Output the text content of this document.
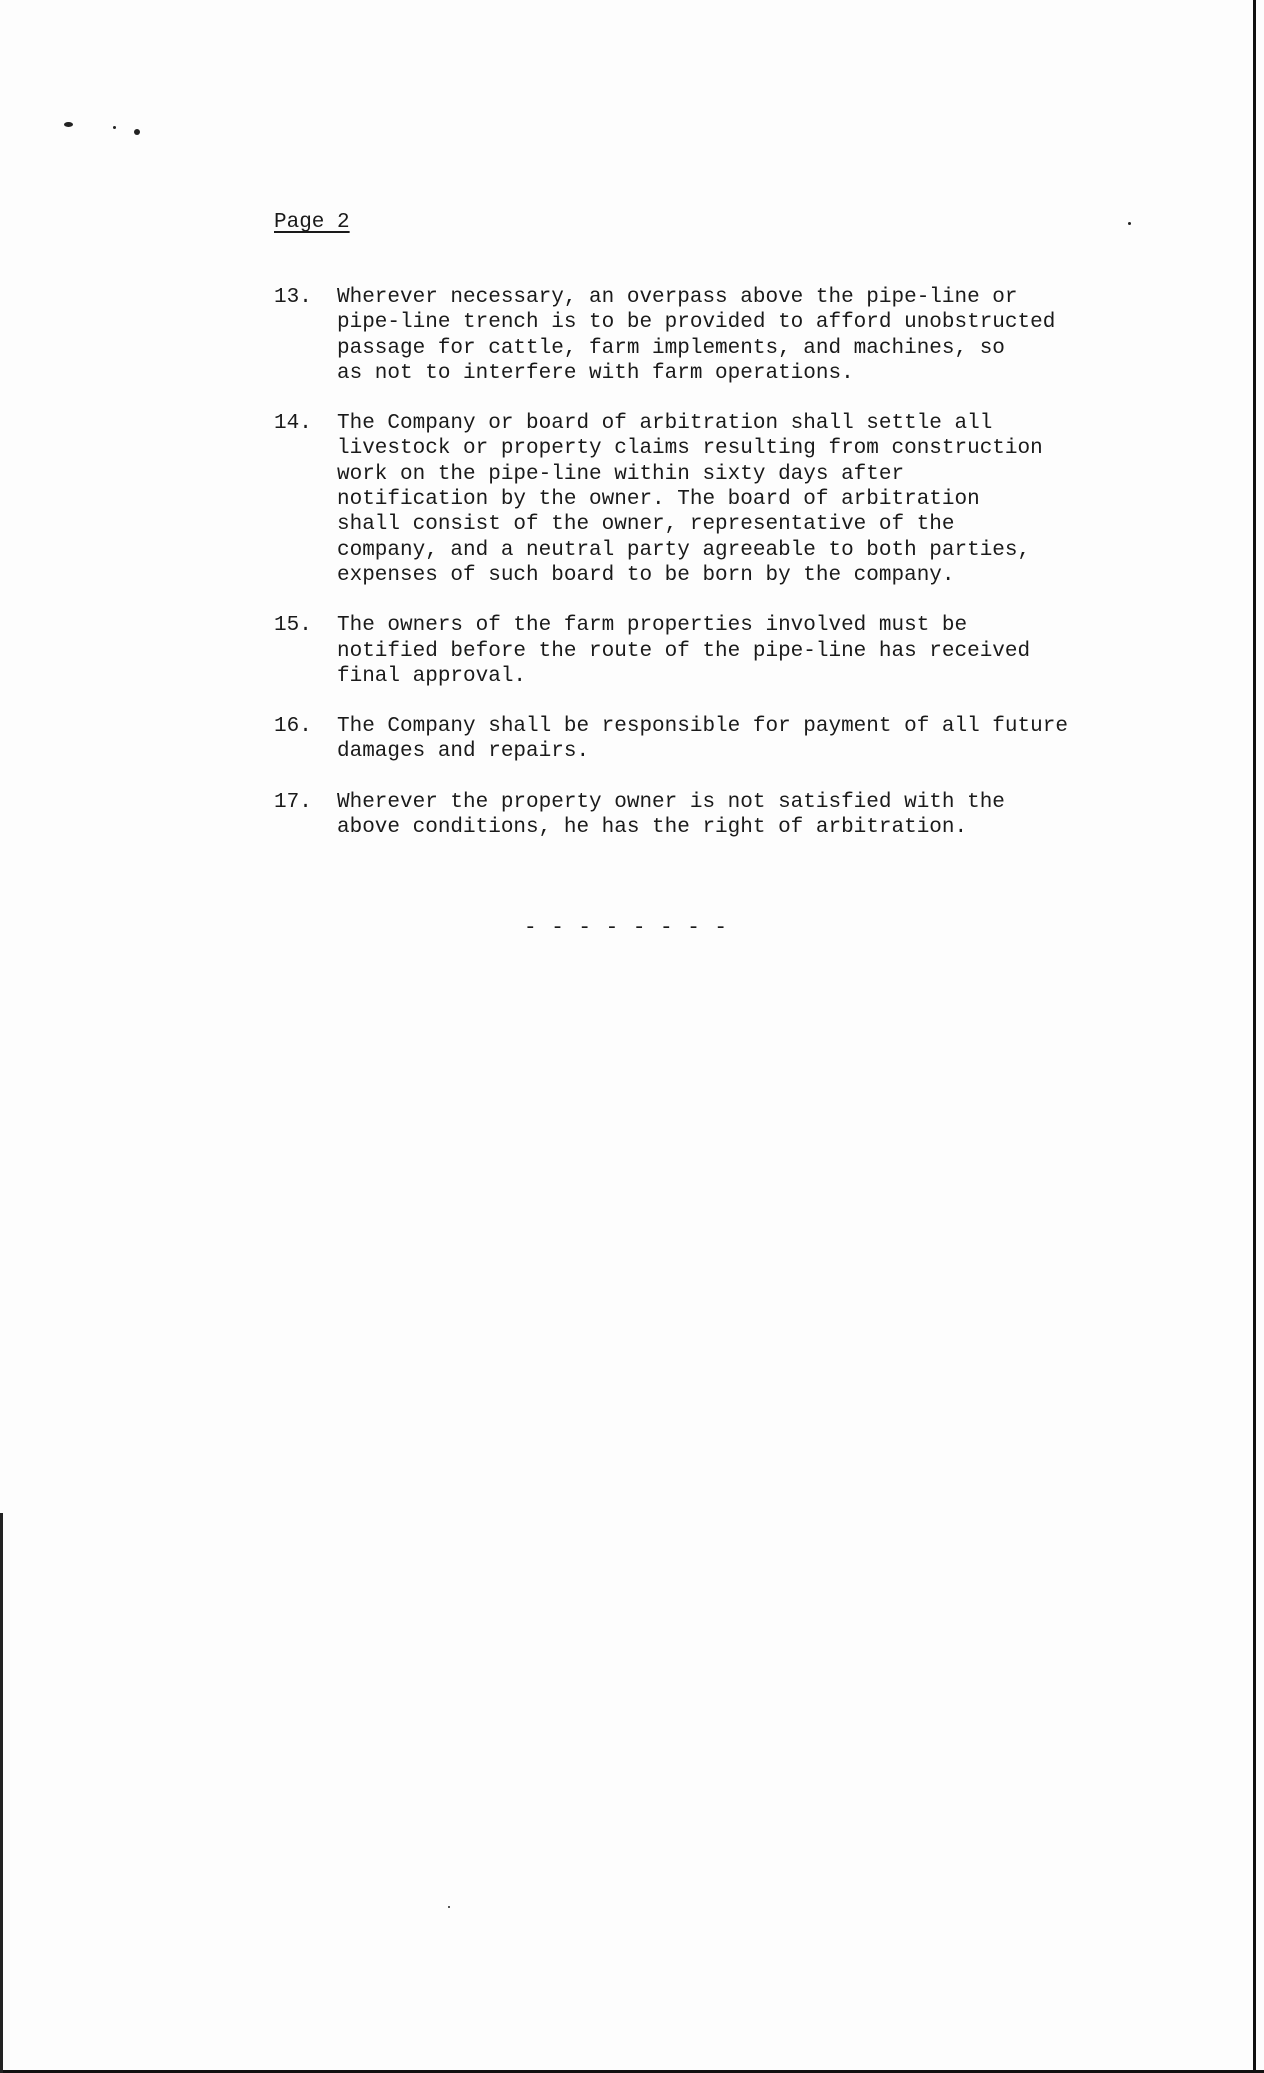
Page 2
13.	Wherever necessary, an overpass above the pipe-line or
pipe-line trench is to be provided to afford unobstructed
passage for cattle, farm implements, and machines, so
as not to interfere with farm operations.
14.	The Company or board of arbitration shall settle all
livestock or property claims resulting from construction
work on the pipe-line within sixty days after
notification by the owner. The board of arbitration
shall consist of the owner, representative of the
company, and a neutral party agreeable to both parties,
expenses of such board to be born by the company.
15.	The owners of the farm properties involved must be
notified before the route of the pipe-line has received
final approval.
16.	The Company shall be responsible for payment of all future
damages and repairs.
17.	Wherever the property owner is not satisfied with the
above conditions, he has the right of arbitration.
- - - - - - - -
